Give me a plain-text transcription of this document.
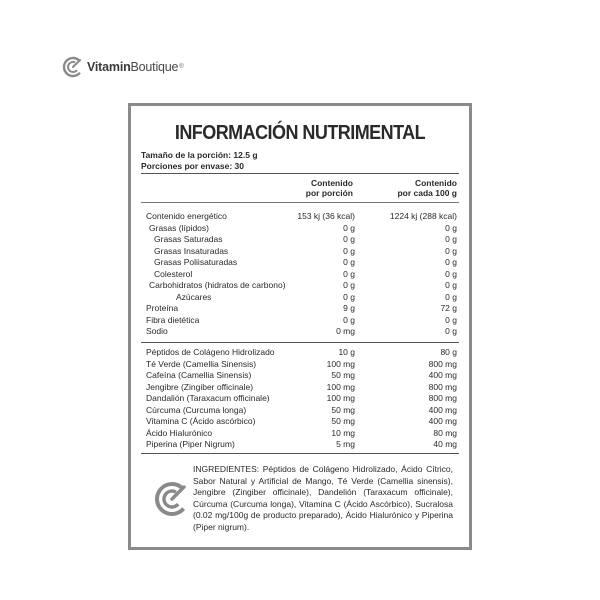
VitaminBoutique ®
INFORMACIÓN NUTRIMENTAL
Tamaño de la porción: 12.5 g
Porciones por envase: 30
Contenido
por porción
Contenido
por cada 100 g
Contenido energético	153 kj (36 kcal)	1224 kj (288 kcal)
Grasas (lípidos)	0 g	0 g
Grasas Saturadas	0 g	0 g
Grasas Insaturadas	0 g	0 g
Grasas Poliisaturadas	0 g	0 g
Colesterol	0 g	0 g
Carbohidratos (hidratos de carbono)	0 g	0 g
Azúcares	0 g	0 g
Proteína	9 g	72 g
Fibra dietética	0 g	0 g
Sodio	0 mg	0 g
Péptidos de Colágeno Hidrolizado	10 g	80 g
Té Verde (Camellia Sinensis)	100 mg	800 mg
Cafeína (Camellia Sinensis)	50 mg	400 mg
Jengibre (Zingiber officinale)	100 mg	800 mg
Dandalión (Taraxacum officinale)	100 mg	800 mg
Cúrcuma (Curcuma longa)	50 mg	400 mg
Vitamina C (Ácido ascórbico)	50 mg	400 mg
Ácido Hialurónico	10 mg	80 mg
Piperina (Piper Nigrum)	5 mg	40 mg
INGREDIENTES: Péptidos de Colágeno Hidrolizado, Ácido Cítrico, Sabor Natural y Artificial de Mango, Té Verde (Camellia sinensis), Jengibre (Zingiber officinale), Dandelión (Taraxacum officinale), Cúrcuma (Curcuma longa), Vitamina C (Ácido Ascórbico), Sucralosa (0.02 mg/100g de producto preparado), Ácido Hialurónico y Piperina (Piper nigrum).
